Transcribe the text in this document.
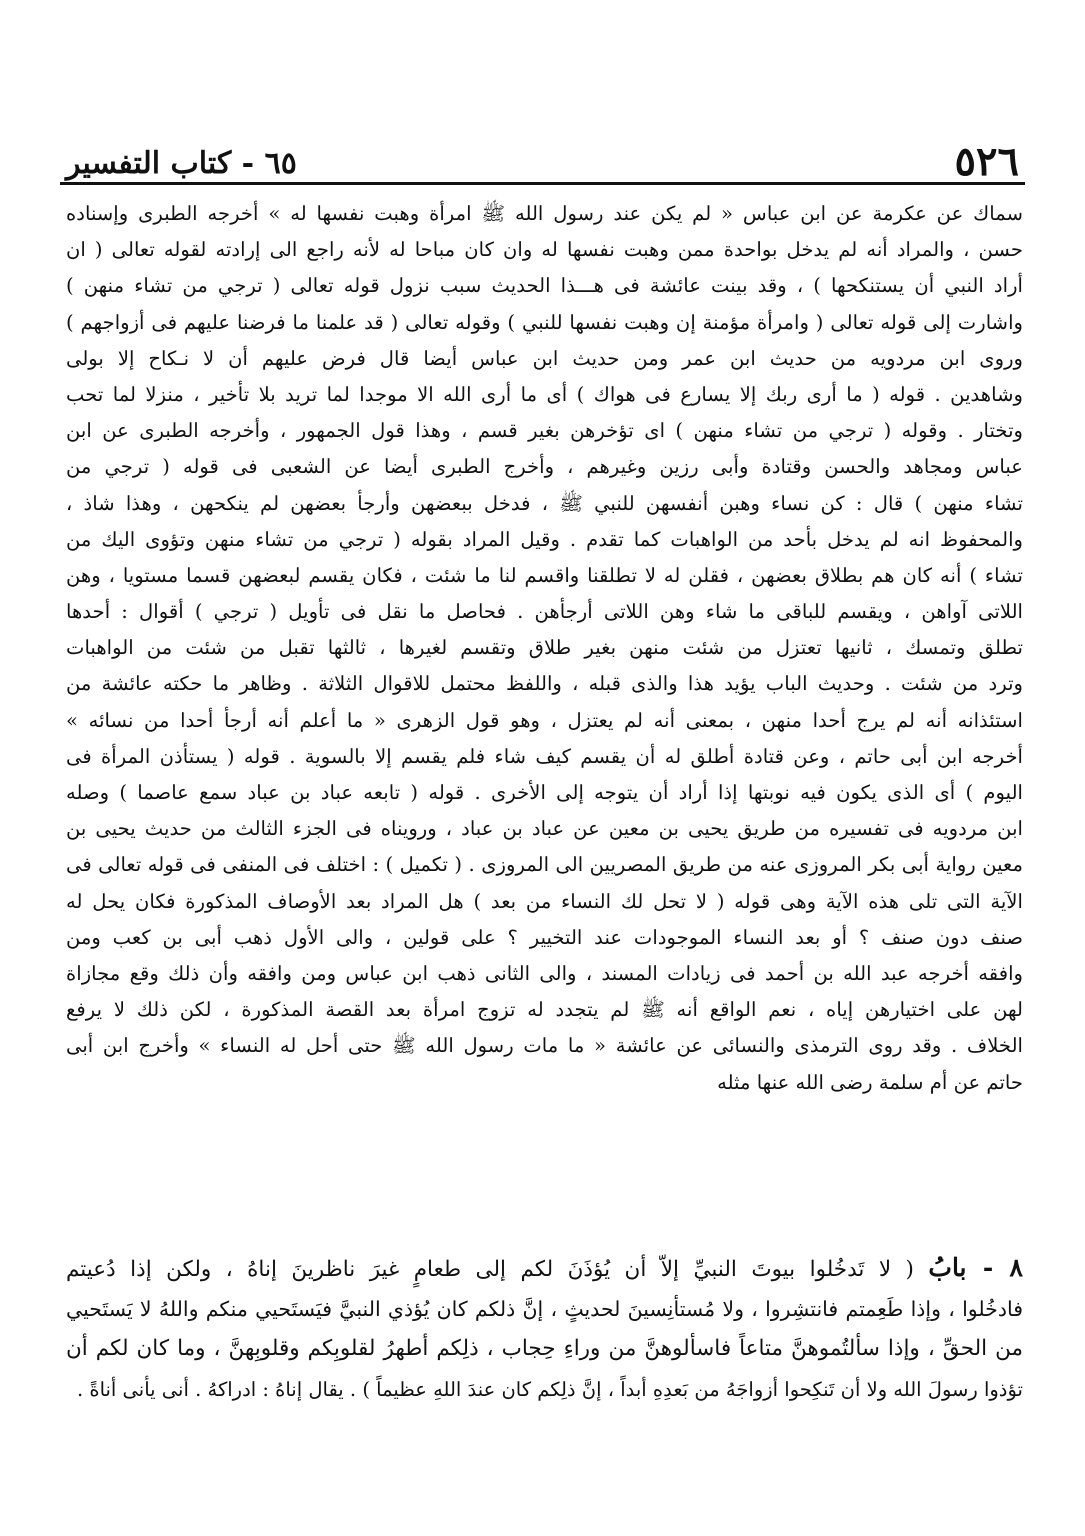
٥٢٦
٦٥ - كتاب التفسير
سماك عن عكرمة عن ابن عباس « لم يكن عند رسول الله ﷺ امرأة وهبت نفسها له » أخرجه الطبرى وإسناده
حسن ، والمراد أنه لم يدخل بواحدة ممن وهبت نفسها له وان كان مباحا له لأنه راجع الى إرادته لقوله تعالى ( ان
أراد النبي أن يستنكحها ) ، وقد بينت عائشة فى هـــذا الحديث سبب نزول قوله تعالى ( ترجي من تشاء منهن )
واشارت إلى قوله تعالى ( وامرأة مؤمنة إن وهبت نفسها للنبي ) وقوله تعالى ( قد علمنا ما فرضنا عليهم فى أزواجهم )
وروى ابن مردويه من حديث ابن عمر ومن حديث ابن عباس أيضا قال فرض عليهم أن لا نـكاح إلا بولى
وشاهدين . قوله ( ما أرى ربك إلا يسارع فى هواك ) أى ما أرى الله الا موجدا لما تريد بلا تأخير ، منزلا لما تحب
وتختار . وقوله ( ترجي من تشاء منهن ) اى تؤخرهن بغير قسم ، وهذا قول الجمهور ، وأخرجه الطبرى عن ابن
عباس ومجاهد والحسن وقتادة وأبى رزين وغيرهم ، وأخرج الطبرى أيضا عن الشعبى فى قوله ( ترجي من
تشاء منهن ) قال : كن نساء وهبن أنفسهن للنبي ﷺ ، فدخل ببعضهن وأرجأ بعضهن لم ينكحهن ، وهذا شاذ ،
والمحفوظ انه لم يدخل بأحد من الواهبات كما تقدم . وقيل المراد بقوله ( ترجي من تشاء منهن وتؤوى اليك من
تشاء ) أنه كان هم بطلاق بعضهن ، فقلن له لا تطلقنا واقسم لنا ما شئت ، فكان يقسم لبعضهن قسما مستويا ، وهن
اللاتى آواهن ، ويقسم للباقى ما شاء وهن اللاتى أرجأهن . فحاصل ما نقل فى تأويل ( ترجي ) أقوال : أحدها
تطلق وتمسك ، ثانيها تعتزل من شئت منهن بغير طلاق وتقسم لغيرها ، ثالثها تقبل من شئت من الواهبات
وترد من شئت . وحديث الباب يؤيد هذا والذى قبله ، واللفظ محتمل للاقوال الثلاثة . وظاهر ما حكته عائشة من
استئذانه أنه لم يرج أحدا منهن ، بمعنى أنه لم يعتزل ، وهو قول الزهرى « ما أعلم أنه أرجأ أحدا من نسائه »
أخرجه ابن أبى حاتم ، وعن قتادة أطلق له أن يقسم كيف شاء فلم يقسم إلا بالسوية . قوله ( يستأذن المرأة فى
اليوم ) أى الذى يكون فيه نوبتها إذا أراد أن يتوجه إلى الأخرى . قوله ( تابعه عباد بن عباد سمع عاصما ) وصله
ابن مردويه فى تفسيره من طريق يحيى بن معين عن عباد بن عباد ، ورويناه فى الجزء الثالث من حديث يحيى بن
معين رواية أبى بكر المروزى عنه من طريق المصريين الى المروزى . ( تكميل ) : اختلف فى المنفى فى قوله تعالى فى
الآية التى تلى هذه الآية وهى قوله ( لا تحل لك النساء من بعد ) هل المراد بعد الأوصاف المذكورة فكان يحل له
صنف دون صنف ؟ أو بعد النساء الموجودات عند التخيير ؟ على قولين ، والى الأول ذهب أبى بن كعب ومن
وافقه أخرجه عبد الله بن أحمد فى زيادات المسند ، والى الثانى ذهب ابن عباس ومن وافقه وأن ذلك وقع مجازاة
لهن على اختيارهن إياه ، نعم الواقع أنه ﷺ لم يتجدد له تزوج امرأة بعد القصة المذكورة ، لكن ذلك لا يرفع
الخلاف . وقد روى الترمذى والنسائى عن عائشة « ما مات رسول الله ﷺ حتى أحل له النساء » وأخرج ابن أبى
حاتم عن أم سلمة رضى الله عنها مثله
٨ - بابُ ( لا تَدخُلوا بيوتَ النبيِّ إلاّ أن يُؤذَنَ لكم إلى طعامٍ غيرَ ناظرينَ إناهُ ، ولكن إذا دُعيتم
فادخُلوا ، وإذا طَعِمتم فانتشِروا ، ولا مُستأنِسينَ لحديثٍ ، إنَّ ذلكم كان يُؤذي النبيَّ فيَستَحيي منكم واللهُ لا يَستَحيي
من الحقِّ ، وإذا سألتُموهنَّ متاعاً فاسألوهنَّ من وراءِ حِجاب ، ذلِكم أطهرُ لقلوبِكم وقلوبِهنَّ ، وما كان لكم أن
تؤذوا رسولَ الله ولا أن تَنكِحوا أزواجَهُ من بَعدِهِ أبداً ، إنَّ ذلِكم كان عندَ اللهِ عظيماً ) . يقال إناهُ : ادراكهُ . أنى يأنى أناةً .
